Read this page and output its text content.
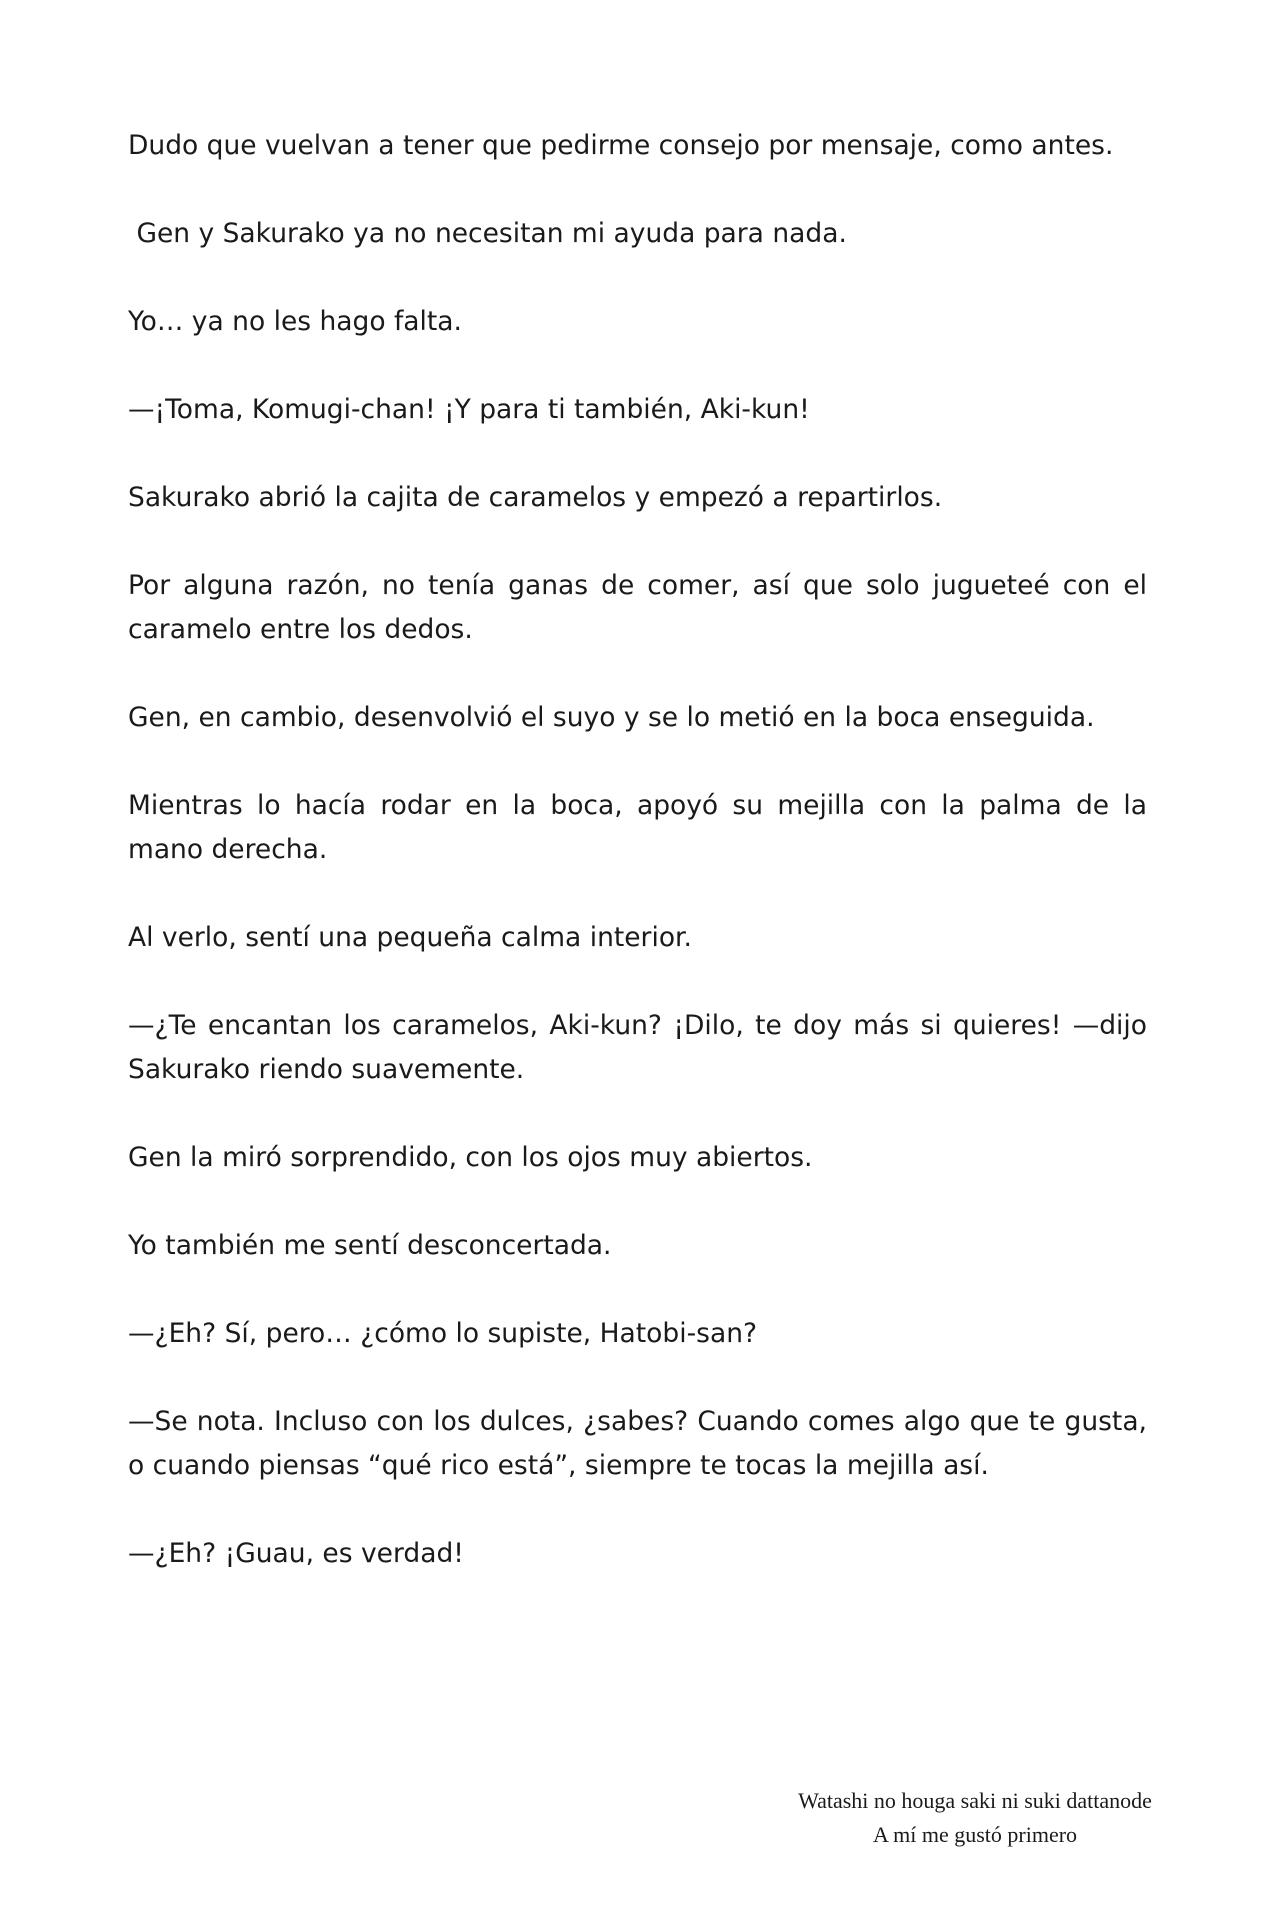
Dudo que vuelvan a tener que pedirme consejo por mensaje, como antes.

Gen y Sakurako ya no necesitan mi ayuda para nada.

Yo… ya no les hago falta.

—¡Toma, Komugi-chan! ¡Y para ti también, Aki-kun!

Sakurako abrió la cajita de caramelos y empezó a repartirlos.

Por alguna razón, no tenía ganas de comer, así que solo jugueteé con el caramelo entre los dedos.

Gen, en cambio, desenvolvió el suyo y se lo metió en la boca enseguida.

Mientras lo hacía rodar en la boca, apoyó su mejilla con la palma de la mano derecha.

Al verlo, sentí una pequeña calma interior.

—¿Te encantan los caramelos, Aki-kun? ¡Dilo, te doy más si quieres! —dijo Sakurako riendo suavemente.

Gen la miró sorprendido, con los ojos muy abiertos.

Yo también me sentí desconcertada.

—¿Eh? Sí, pero… ¿cómo lo supiste, Hatobi-san?

—Se nota. Incluso con los dulces, ¿sabes? Cuando comes algo que te gusta, o cuando piensas “qué rico está”, siempre te tocas la mejilla así.

—¿Eh? ¡Guau, es verdad!

Watashi no houga saki ni suki dattanode
A mí me gustó primero
